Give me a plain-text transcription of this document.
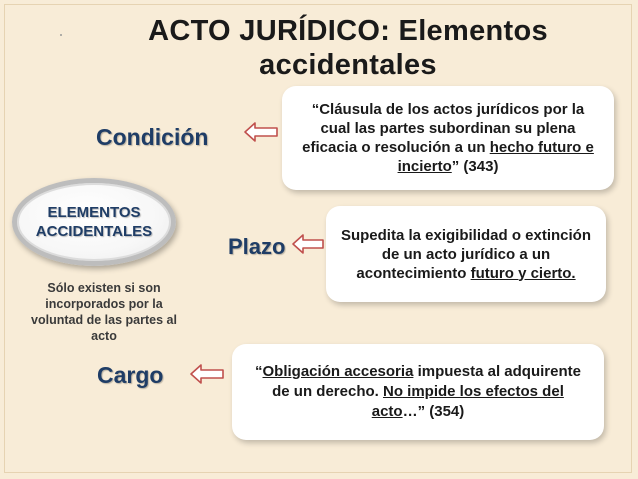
ACTO JURÍDICO: Elementos accidentales
Condición
“Cláusula de los actos jurídicos por la cual las partes subordinan su plena eficacia o resolución a un hecho futuro e incierto” (343)
ELEMENTOS
ACCIDENTALES
Sólo existen si son incorporados por la voluntad de las partes al acto
Plazo	Supedita la exigibilidad o extinción de un acto jurídico a un acontecimiento futuro y cierto.
Cargo	“Obligación accesoria impuesta al adquirente de un derecho. No impide los efectos del acto…” (354)
